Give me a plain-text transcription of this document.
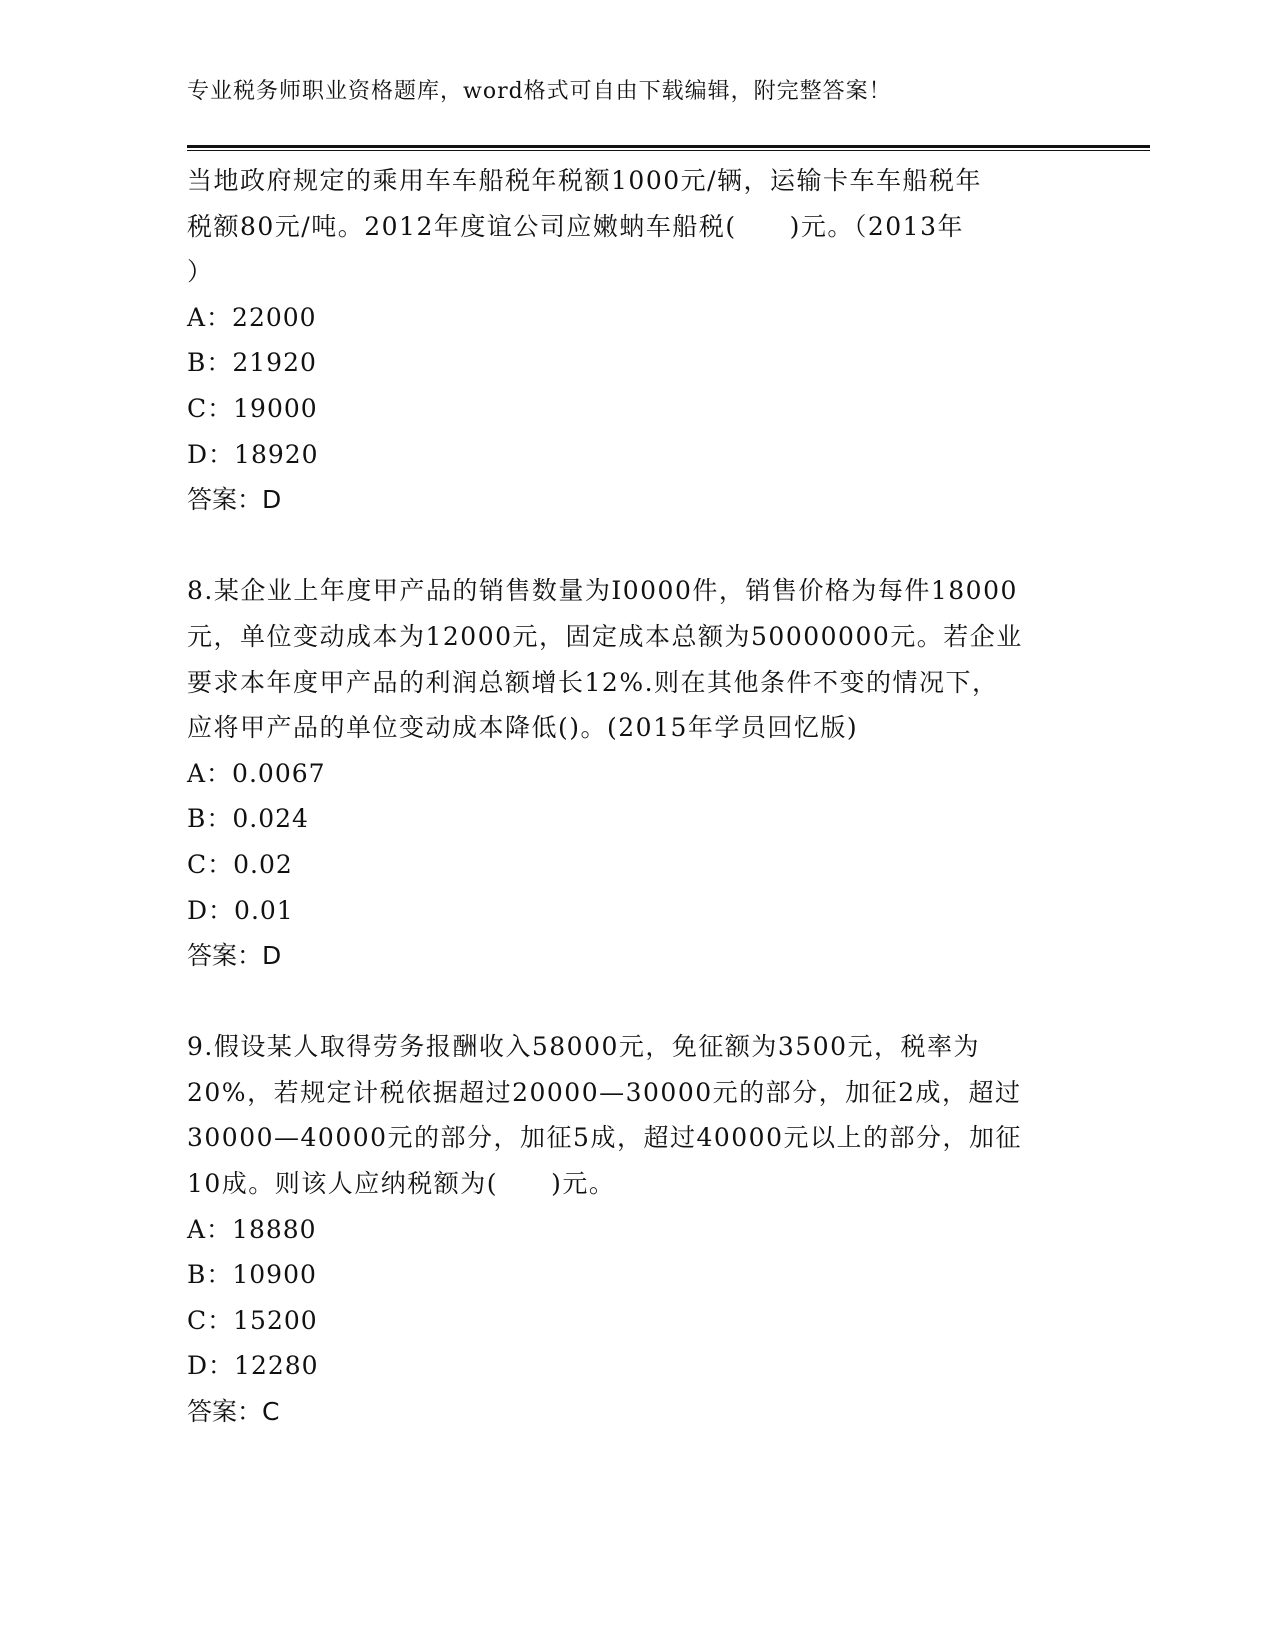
专业税务师职业资格题库，word格式可自由下载编辑，附完整答案！
当地政府规定的乘用车车船税年税额1000元/辆，运输卡车车船税年
税额80元/吨。2012年度谊公司应嫩蚋车船税(　　)元。（2013年
）
A：22000
B：21920
C：19000
D：18920
答案：D
8.某企业上年度甲产品的销售数量为I0000件，销售价格为每件18000
元，单位变动成本为12000元，固定成本总额为50000000元。若企业
要求本年度甲产品的利润总额增长12%.则在其他条件不变的情况下，
应将甲产品的单位变动成本降低()。(2015年学员回忆版)
A：0.0067
B：0.024
C：0.02
D：0.01
答案：D
9.假设某人取得劳务报酬收入58000元，免征额为3500元，税率为
20%，若规定计税依据超过20000—30000元的部分，加征2成，超过
30000—40000元的部分，加征5成，超过40000元以上的部分，加征
10成。则该人应纳税额为(　　)元。
A：18880
B：10900
C：15200
D：12280
答案：C
